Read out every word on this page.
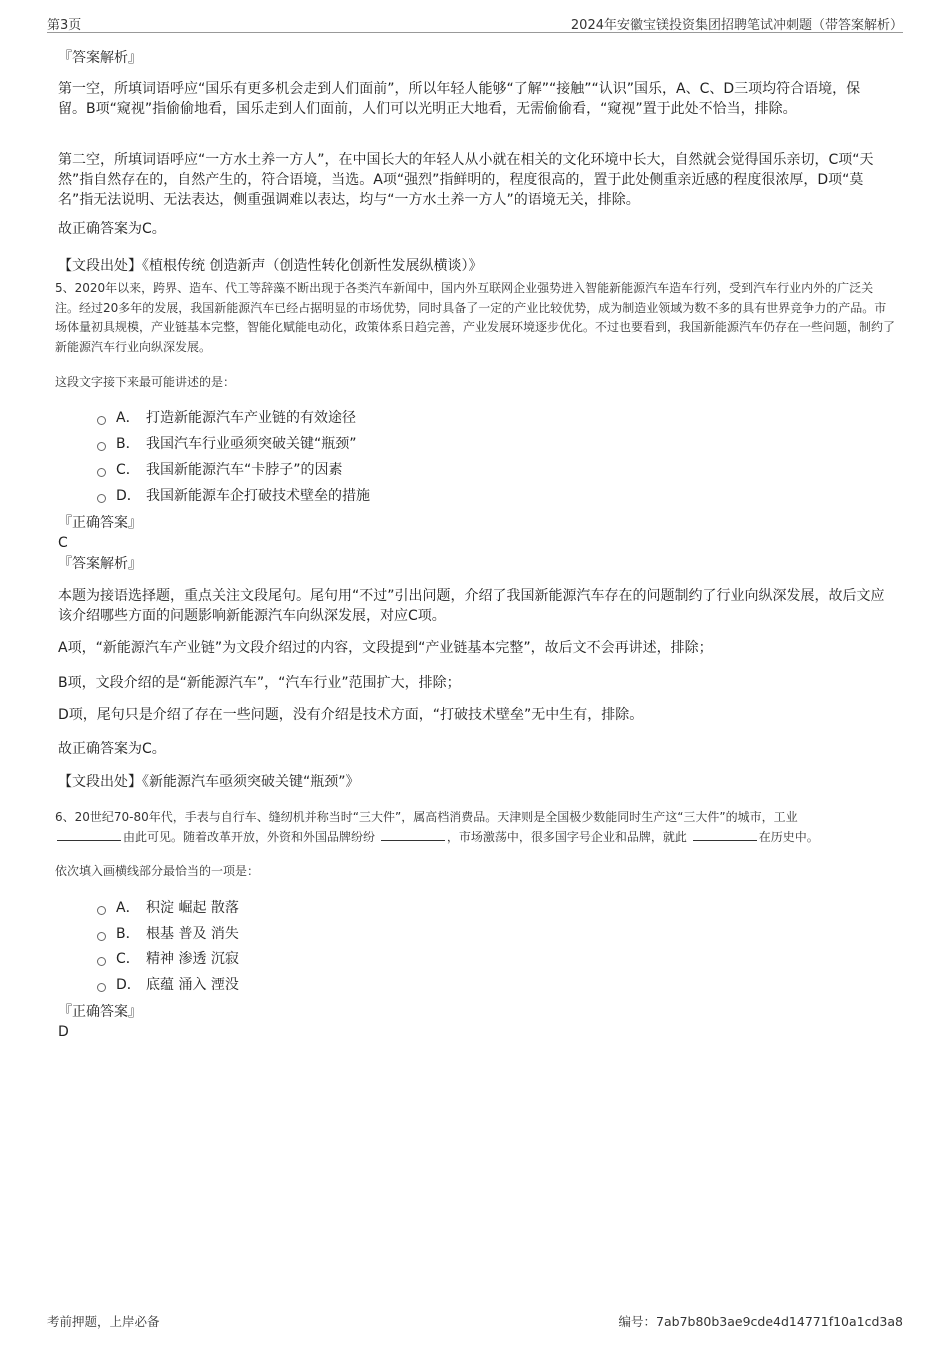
第3页	2024年安徽宝镁投资集团招聘笔试冲刺题（带答案解析）
『答案解析』
第一空，所填词语呼应“国乐有更多机会走到人们面前”，所以年轻人能够“了解”“接触”“认识”国乐，A、C、D三项均符合语境，保留。B项“窥视”指偷偷地看，国乐走到人们面前，人们可以光明正大地看，无需偷偷看，“窥视”置于此处不恰当，排除。
第二空，所填词语呼应“一方水土养一方人”，在中国长大的年轻人从小就在相关的文化环境中长大，自然就会觉得国乐亲切，C项“天然”指自然存在的，自然产生的，符合语境，当选。A项“强烈”指鲜明的，程度很高的，置于此处侧重亲近感的程度很浓厚，D项“莫名”指无法说明、无法表达，侧重强调难以表达，均与“一方水土养一方人”的语境无关，排除。
故正确答案为C。
【文段出处】《植根传统 创造新声（创造性转化创新性发展纵横谈）》
5、2020年以来，跨界、造车、代工等辞藻不断出现于各类汽车新闻中，国内外互联网企业强势进入智能新能源汽车造车行列，受到汽车行业内外的广泛关注。经过20多年的发展，我国新能源汽车已经占据明显的市场优势，同时具备了一定的产业比较优势，成为制造业领域为数不多的具有世界竞争力的产品。市场体量初具规模，产业链基本完整，智能化赋能电动化，政策体系日趋完善，产业发展环境逐步优化。不过也要看到，我国新能源汽车仍存在一些问题，制约了新能源汽车行业向纵深发展。
这段文字接下来最可能讲述的是：
A． 打造新能源汽车产业链的有效途径
B． 我国汽车行业亟须突破关键“瓶颈”
C． 我国新能源汽车“卡脖子”的因素
D． 我国新能源车企打破技术壁垒的措施
『正确答案』
C
『答案解析』
本题为接语选择题，重点关注文段尾句。尾句用“不过”引出问题，介绍了我国新能源汽车存在的问题制约了行业向纵深发展，故后文应该介绍哪些方面的问题影响新能源汽车向纵深发展，对应C项。
A项，“新能源汽车产业链”为文段介绍过的内容，文段提到“产业链基本完整”，故后文不会再讲述，排除；
B项，文段介绍的是“新能源汽车”，“汽车行业”范围扩大，排除；
D项，尾句只是介绍了存在一些问题，没有介绍是技术方面，“打破技术壁垒”无中生有，排除。
故正确答案为C。
【文段出处】《新能源汽车亟须突破关键“瓶颈”》
6、20世纪70-80年代，手表与自行车、缝纫机并称当时“三大件”，属高档消费品。天津则是全国极少数能同时生产这“三大件”的城市，工业
由此可见。随着改革开放，外资和外国品牌纷纷	，市场激荡中，很多国字号企业和品牌，就此	在历史中。
依次填入画横线部分最恰当的一项是：
A． 积淀 崛起 散落
B． 根基 普及 消失
C． 精神 渗透 沉寂
D． 底蕴 涌入 湮没
『正确答案』
D
考前押题，上岸必备	编号：7ab7b80b3ae9cde4d14771f10a1cd3a8
